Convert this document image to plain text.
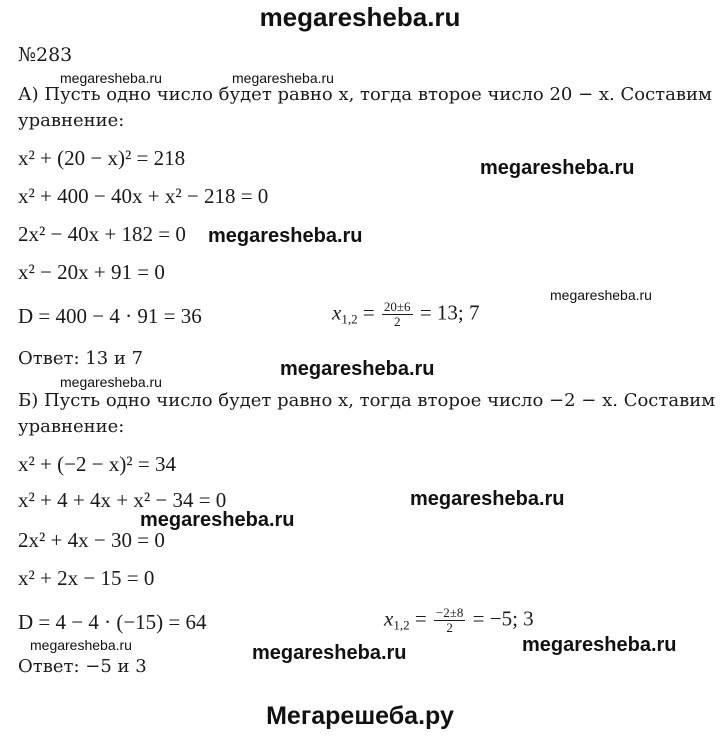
megaresheba.ru
№283
А) Пусть одно число будет равно x, тогда второе число 20 − x. Составим
уравнение:
x² + (20 − x)² = 218
x² + 400 − 40x + x² − 218 = 0
2x² − 40x + 182 = 0
x² − 20x + 91 = 0
D = 400 − 4 · 91 = 36	$x_{1,2} = \frac{20\pm 6}{2} = 13$; 7
Ответ: 13 и 7
Б) Пусть одно число будет равно x, тогда второе число −2 − x. Составим
уравнение:
x² + (−2 − x)² = 34
x² + 4 + 4x + x² − 34 = 0
2x² + 4x − 30 = 0
x² + 2x − 15 = 0
D = 4 − 4 · (−15) = 64	$x_{1,2} = \frac{-2\pm 8}{2} = -5$; 3
Ответ: −5 и 3
megaresheba.ru	megaresheba.ru
megaresheba.ru
megaresheba.ru
megaresheba.ru
megaresheba.ru
megaresheba.ru
megaresheba.ru
megaresheba.ru
megaresheba.ru	megaresheba.ru	megaresheba.ru
Мегарешеба.ру
